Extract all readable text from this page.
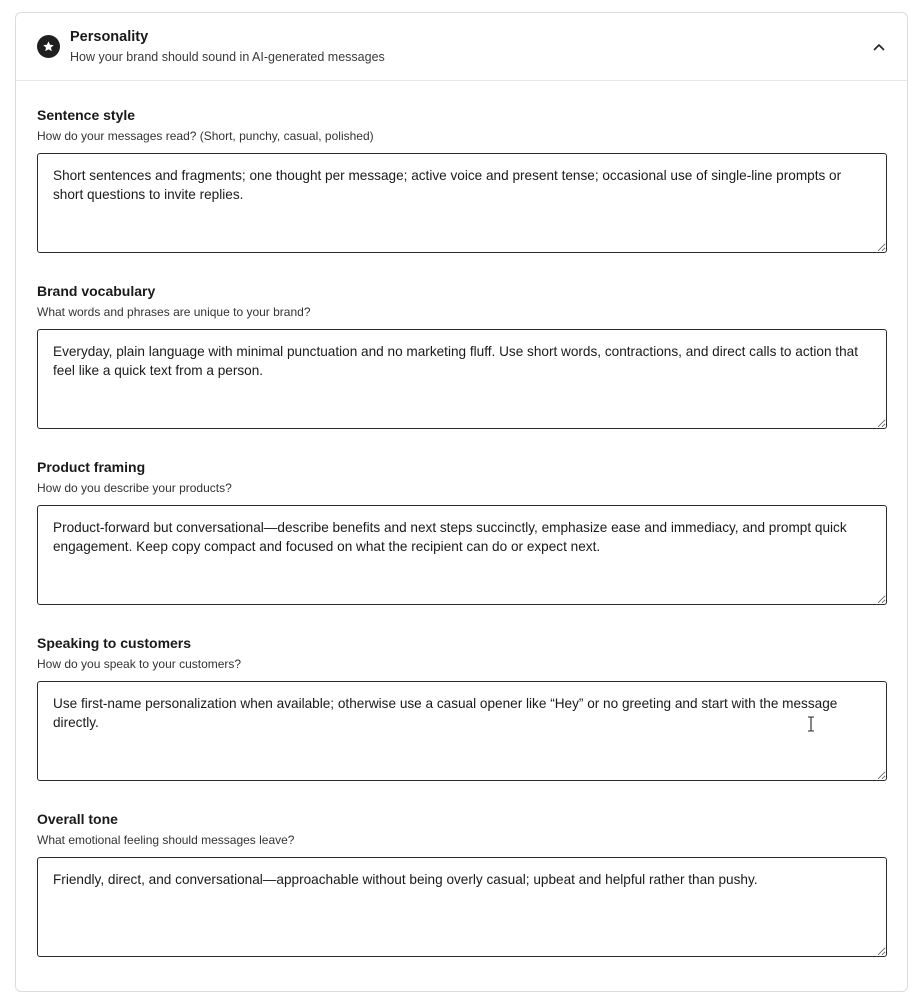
Personality
How your brand should sound in AI-generated messages
Sentence style
How do your messages read? (Short, punchy, casual, polished)
Short sentences and fragments; one thought per message; active voice and present tense; occasional use of single-line prompts or short questions to invite replies.
Brand vocabulary
What words and phrases are unique to your brand?
Everyday, plain language with minimal punctuation and no marketing fluff. Use short words, contractions, and direct calls to action that feel like a quick text from a person.
Product framing
How do you describe your products?
Product-forward but conversational—describe benefits and next steps succinctly, emphasize ease and immediacy, and prompt quick engagement. Keep copy compact and focused on what the recipient can do or expect next.
Speaking to customers
How do you speak to your customers?
Use first-name personalization when available; otherwise use a casual opener like “Hey” or no greeting and start with the message directly.
Overall tone
What emotional feeling should messages leave?
Friendly, direct, and conversational—approachable without being overly casual; upbeat and helpful rather than pushy.
